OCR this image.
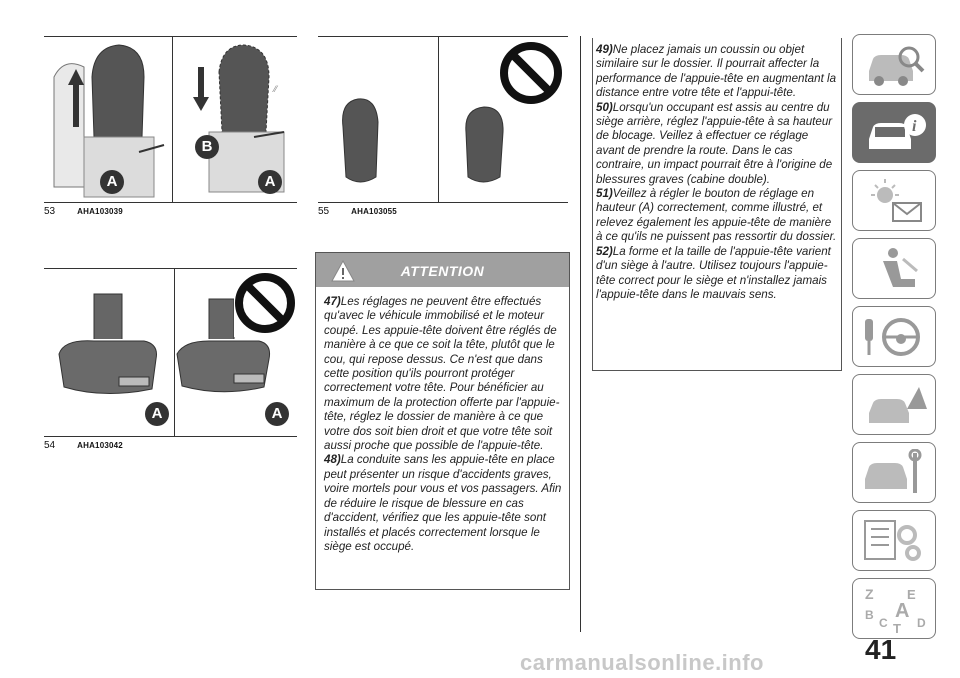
⁄⁄
A
B
A
53	AHA103039
A	A
54	AHA103042
55	AHA103055
ATTENTION
47)Les réglages ne peuvent être effectués qu'avec le véhicule immobilisé et le moteur coupé. Les appuie-tête doivent être réglés de manière à ce que ce soit la tête, plutôt que le cou, qui repose dessus. Ce n'est que dans cette position qu'ils pourront protéger correctement votre tête. Pour bénéficier au maximum de la protection offerte par l'appuie-tête, réglez le dossier de manière à ce que votre dos soit bien droit et que votre tête soit aussi proche que possible de l'appuie-tête.
48)La conduite sans les appuie-tête en place peut présenter un risque d'accidents graves, voire mortels pour vous et vos passagers. Afin de réduire le risque de blessure en cas d'accident, vérifiez que les appuie-tête sont installés et placés correctement lorsque le siège est occupé.
49)Ne placez jamais un coussin ou objet similaire sur le dossier. Il pourrait affecter la performance de l'appuie-tête en augmentant la distance entre votre tête et l'appui-tête.
50)Lorsqu'un occupant est assis au centre du siège arrière, réglez l'appuie-tête à sa hauteur de blocage. Veillez à effectuer ce réglage avant de prendre la route. Dans le cas contraire, un impact pourrait être à l'origine de blessures graves (cabine double).
51)Veillez à régler le bouton de réglage en hauteur (A) correctement, comme illustré, et relevez également les appuie-tête de manière à ce qu'ils ne puissent pas ressortir du dossier.
52)La forme et la taille de l'appuie-tête varient d'un siège à l'autre. Utilisez toujours l'appuie-tête correct pour le siège et n'installez jamais l'appuie-tête dans le mauvais sens.
i
Z	E
B A
C D
T
41
carmanualsonline.info
